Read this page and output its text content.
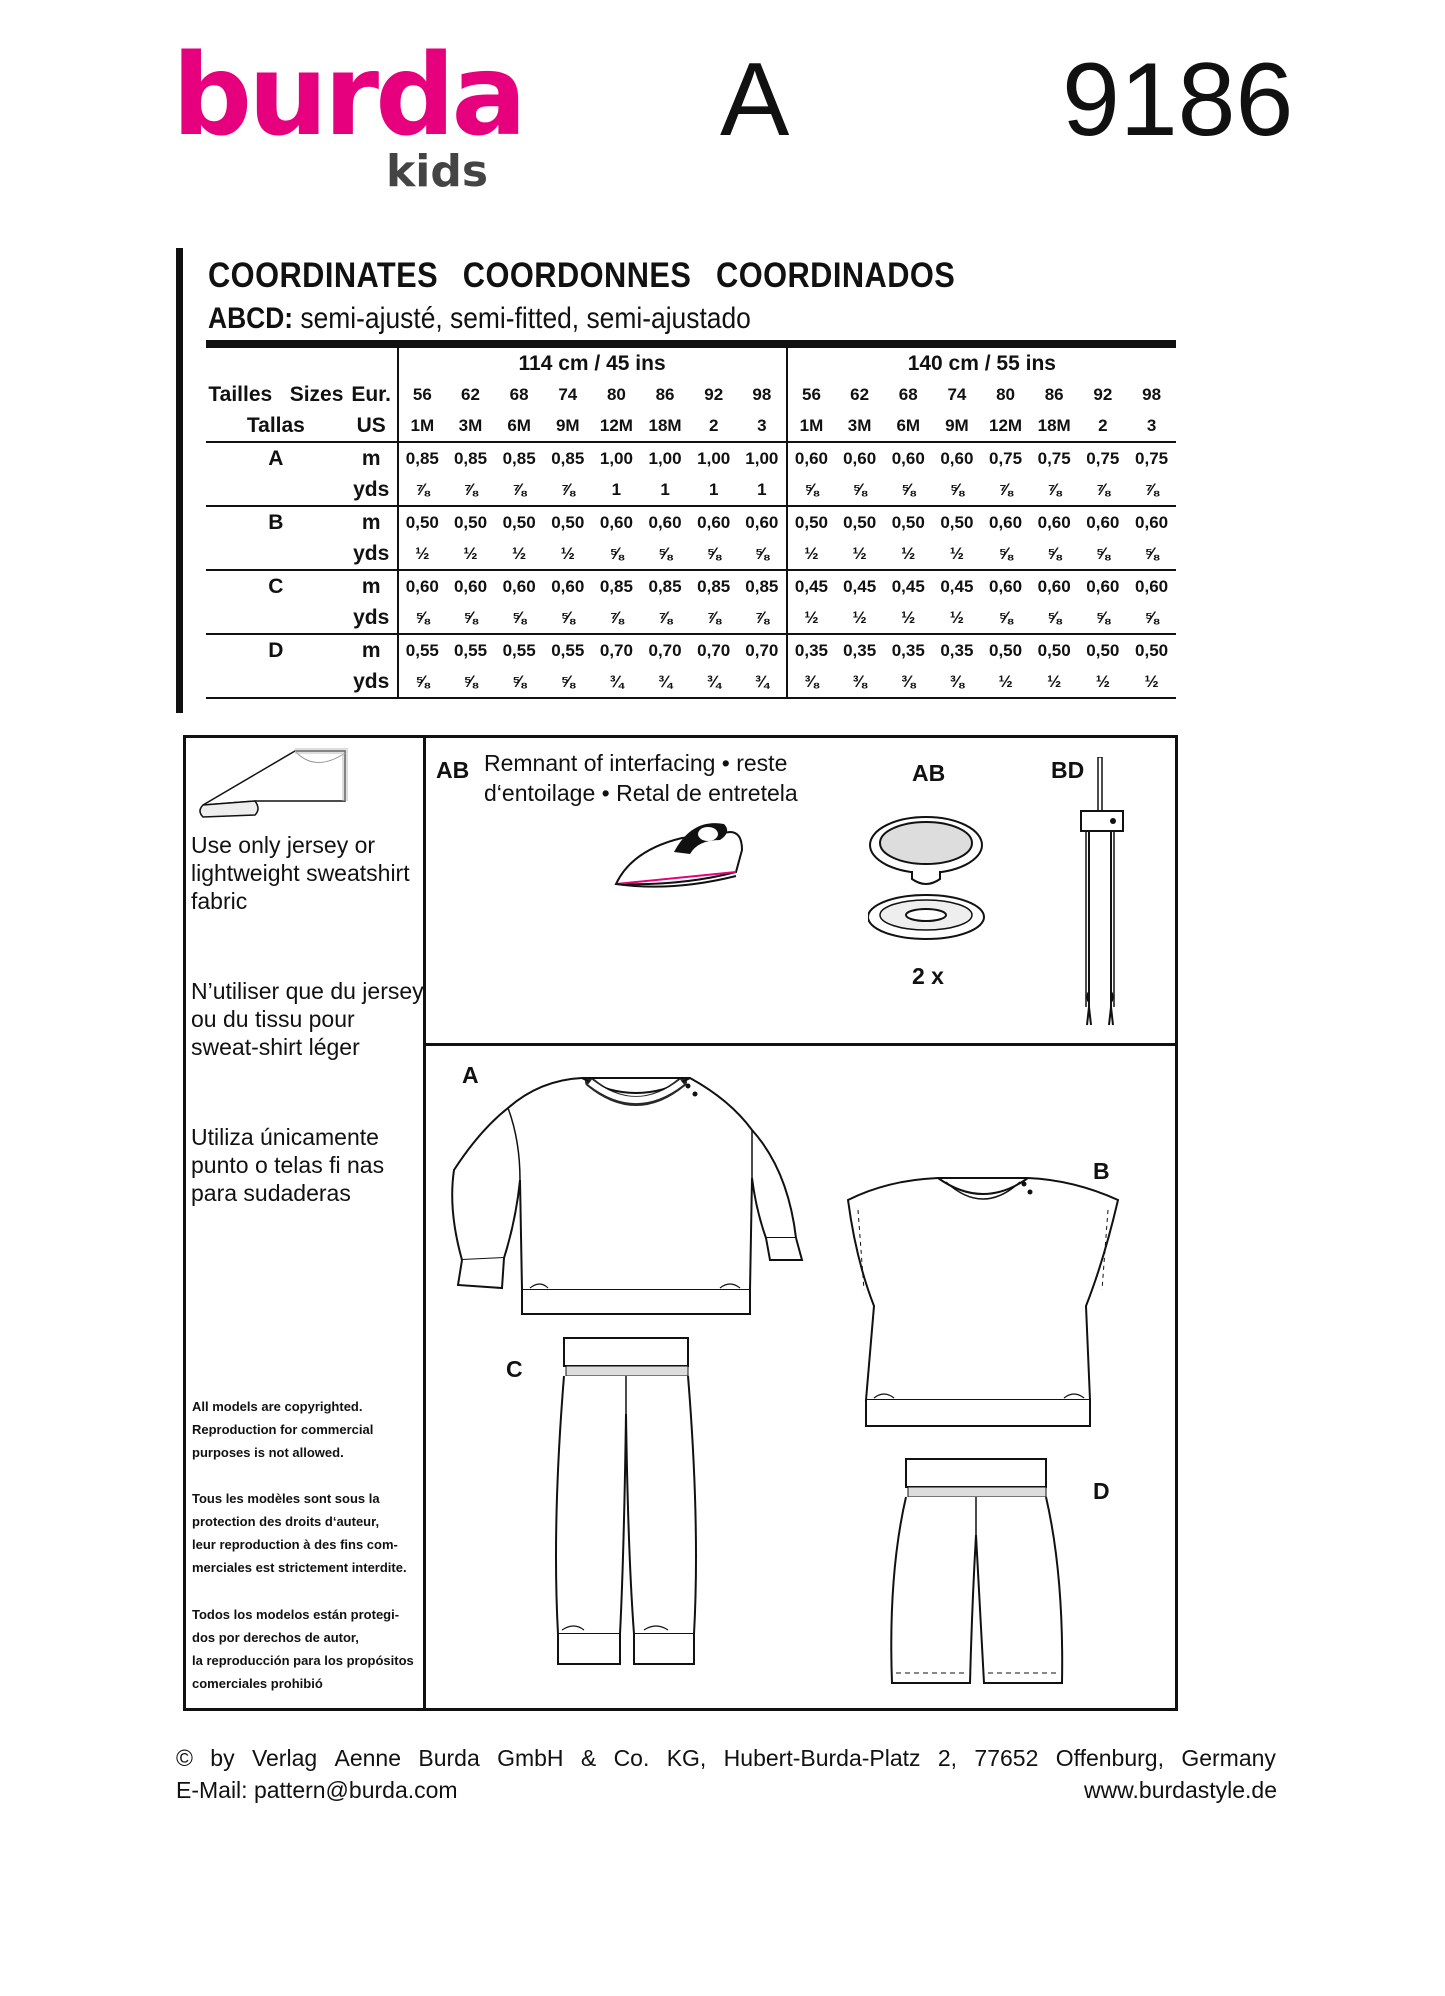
burda
kids
A	9186
COORDINATES COORDONNES COORDINADOS
ABCD: semi-ajusté, semi-fitted, semi-ajustado
		114 cm / 45 ins								140 cm / 55 ins							
Tailles Sizes	Eur.	56	62	68	74	80	86	92	98	56	62	68	74	80	86	92	98
Tallas	US	1M	3M	6M	9M	12M	18M	2	3	1M	3M	6M	9M	12M	18M	2	3
A	m	0,85	0,85	0,85	0,85	1,00	1,00	1,00	1,00	0,60	0,60	0,60	0,60	0,75	0,75	0,75	0,75
	yds	⅞	⅞	⅞	⅞	1	1	1	1	⅝	⅝	⅝	⅝	⅞	⅞	⅞	⅞
B	m	0,50	0,50	0,50	0,50	0,60	0,60	0,60	0,60	0,50	0,50	0,50	0,50	0,60	0,60	0,60	0,60
	yds	½	½	½	½	⅝	⅝	⅝	⅝	½	½	½	½	⅝	⅝	⅝	⅝
C	m	0,60	0,60	0,60	0,60	0,85	0,85	0,85	0,85	0,45	0,45	0,45	0,45	0,60	0,60	0,60	0,60
	yds	⅝	⅝	⅝	⅝	⅞	⅞	⅞	⅞	½	½	½	½	⅝	⅝	⅝	⅝
D	m	0,55	0,55	0,55	0,55	0,70	0,70	0,70	0,70	0,35	0,35	0,35	0,35	0,50	0,50	0,50	0,50
	yds	⅝	⅝	⅝	⅝	¾	¾	¾	¾	⅜	⅜	⅜	⅜	½	½	½	½
Use only jersey or
lightweight sweatshirt
fabric
N’utiliser que du jersey
ou du tissu pour
sweat-shirt léger
Utiliza únicamente
punto o telas fi nas
para sudaderas
All models are copyrighted.
Reproduction for commercial
purposes is not allowed.
Tous les modèles sont sous la
protection des droits d‘auteur,
leur reproduction à des fins com-
merciales est strictement interdite.
Todos los modelos están protegi-
dos por derechos de autor,
la reproducción para los propósitos
comerciales prohibió
AB Remnant of interfacing • reste
d‘entoilage • Retal de entretela
AB
2 x
BD
A
B
C
D
© by Verlag Aenne Burda GmbH & Co. KG, Hubert-Burda-Platz 2, 77652 Offenburg, Germany
E-Mail: pattern@burda.com	www.burdastyle.de
